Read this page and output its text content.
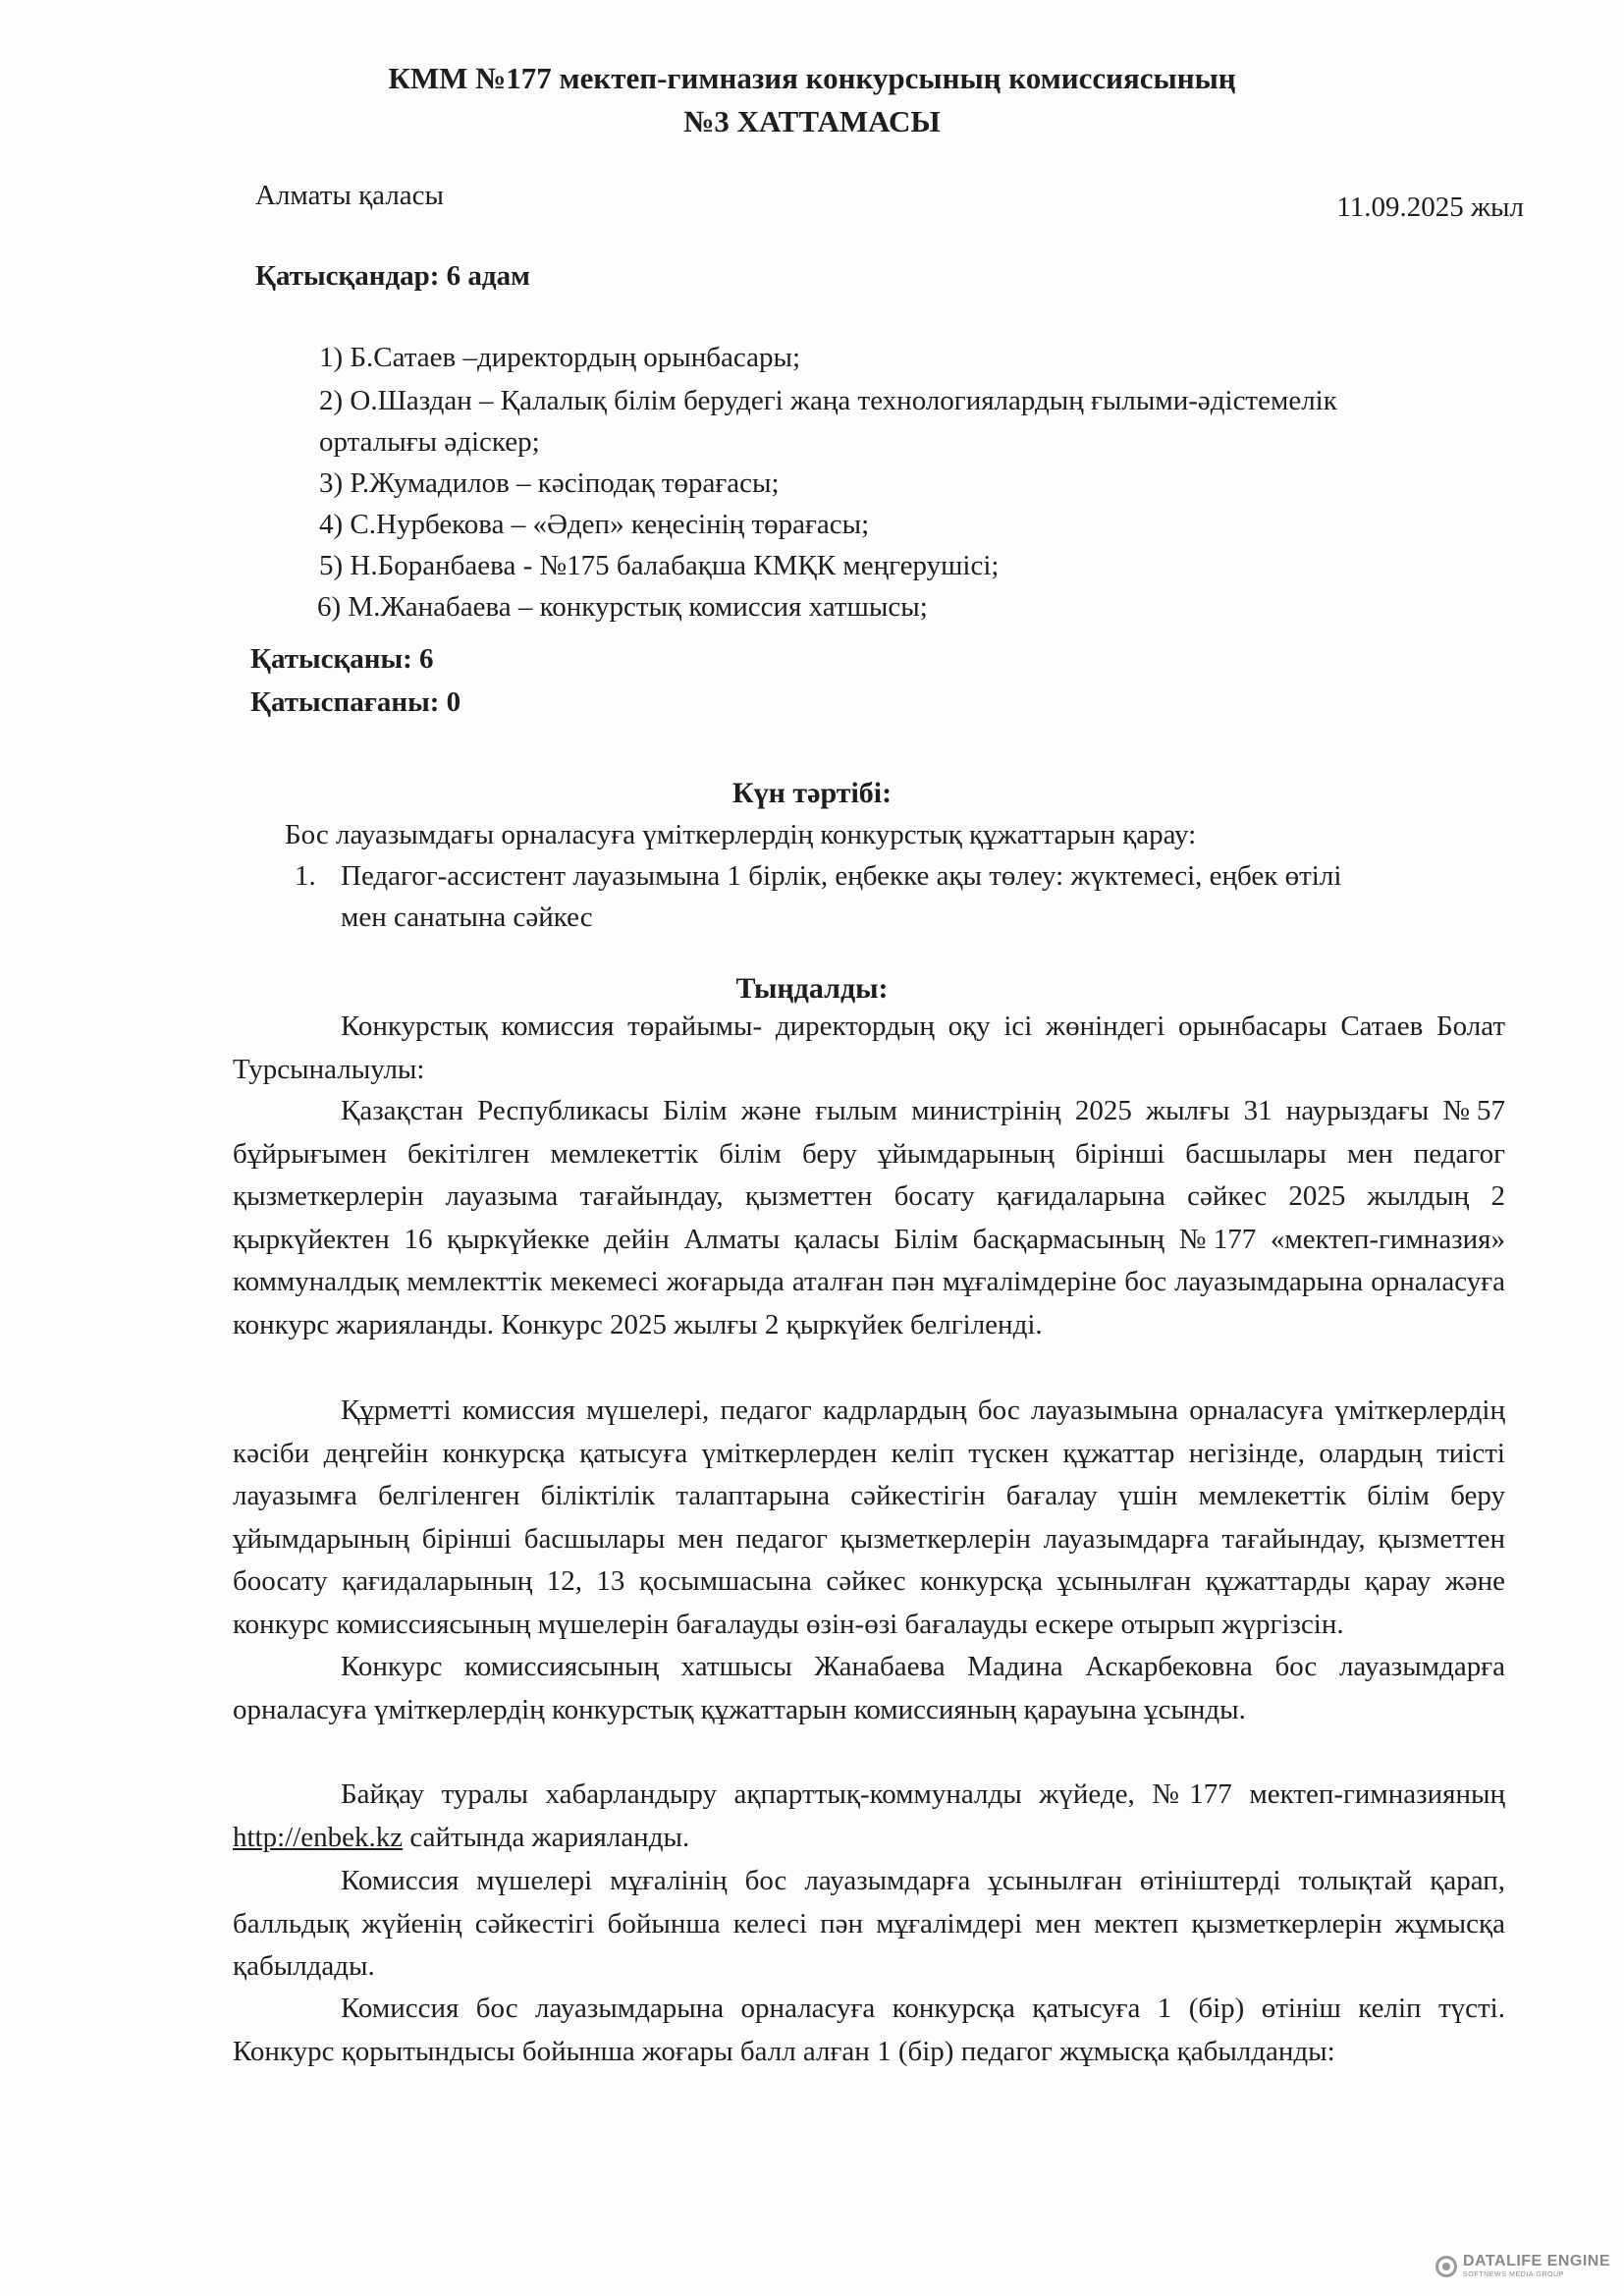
КММ №177 мектеп-гимназия конкурсының комиссиясының
№3 ХАТТАМАСЫ
Алматы қаласы	11.09.2025 жыл
Қатысқандар: 6 адам
1) Б.Сатаев –директордың орынбасары;
2) О.Шаздан – Қалалық білім берудегі жаңа технологиялардың ғылыми-әдістемелік
орталығы әдіскер;
3) Р.Жумадилов – кәсіподақ төрағасы;
4) С.Нурбекова – «Әдеп» кеңесінің төрағасы;
5) Н.Боранбаева - №175 балабақша КМҚК меңгерушісі;
6) М.Жанабаева – конкурстық комиссия хатшысы;
Қатысқаны: 6
Қатыспағаны: 0
Күн тәртібі:
Бос лауазымдағы орналасуға үміткерлердің конкурстық құжаттарын қарау:
1. Педагог-ассистент лауазымына 1 бірлік, еңбекке ақы төлеу: жүктемесі, еңбек өтілі
мен санатына сәйкес
Тыңдалды:
Конкурстық комиссия төрайымы- директордың оқу ісі жөніндегі орынбасары Сатаев Болат Турсыналыулы:
Қазақстан Республикасы Білім және ғылым министрінің 2025 жылғы 31 наурыздағы №57 бұйрығымен бекітілген мемлекеттік білім беру ұйымдарының бірінші басшылары мен педагог қызметкерлерін лауазыма тағайындау, қызметтен босату қағидаларына сәйкес 2025 жылдың 2 қыркүйектен 16 қыркүйекке дейін Алматы қаласы Білім басқармасының №177 «мектеп-гимназия» коммуналдық мемлекттік мекемесі жоғарыда аталған пән мұғалімдеріне бос лауазымдарына орналасуға конкурс жарияланды. Конкурс 2025 жылғы 2 қыркүйек белгіленді.
Құрметті комиссия мүшелері, педагог кадрлардың бос лауазымына орналасуға үміткерлердің кәсіби деңгейін конкурсқа қатысуға үміткерлерден келіп түскен құжаттар негізінде, олардың тиісті лауазымға белгіленген біліктілік талаптарына сәйкестігін бағалау үшін мемлекеттік білім беру ұйымдарының бірінші басшылары мен педагог қызметкерлерін лауазымдарға тағайындау, қызметтен боосату қағидаларының 12, 13 қосымшасына сәйкес конкурсқа ұсынылған құжаттарды қарау және конкурс комиссиясының мүшелерін бағалауды өзін-өзі бағалауды ескере отырып жүргізсін.
Конкурс комиссиясының хатшысы Жанабаева Мадина Аскарбековна бос лауазымдарға орналасуға үміткерлердің конкурстық құжаттарын комиссияның қарауына ұсынды.
Байқау туралы хабарландыру ақпарттық-коммуналды жүйеде, №177 мектеп-гимназияның http://enbek.kz сайтында жарияланды.
Комиссия мүшелері мұғалінің бос лауазымдарға ұсынылған өтініштерді толықтай қарап, балльдық жүйенің сәйкестігі бойынша келесі пән мұғалімдері мен мектеп қызметкерлерін жұмысқа қабылдады.
Комиссия бос лауазымдарына орналасуға конкурсқа қатысуға 1 (бір) өтініш келіп түсті. Конкурс қорытындысы бойынша жоғары балл алған 1 (бір) педагог жұмысқа қабылданды:
DATALIFE ENGINE
SOFTNEWS MEDIA GROUP
